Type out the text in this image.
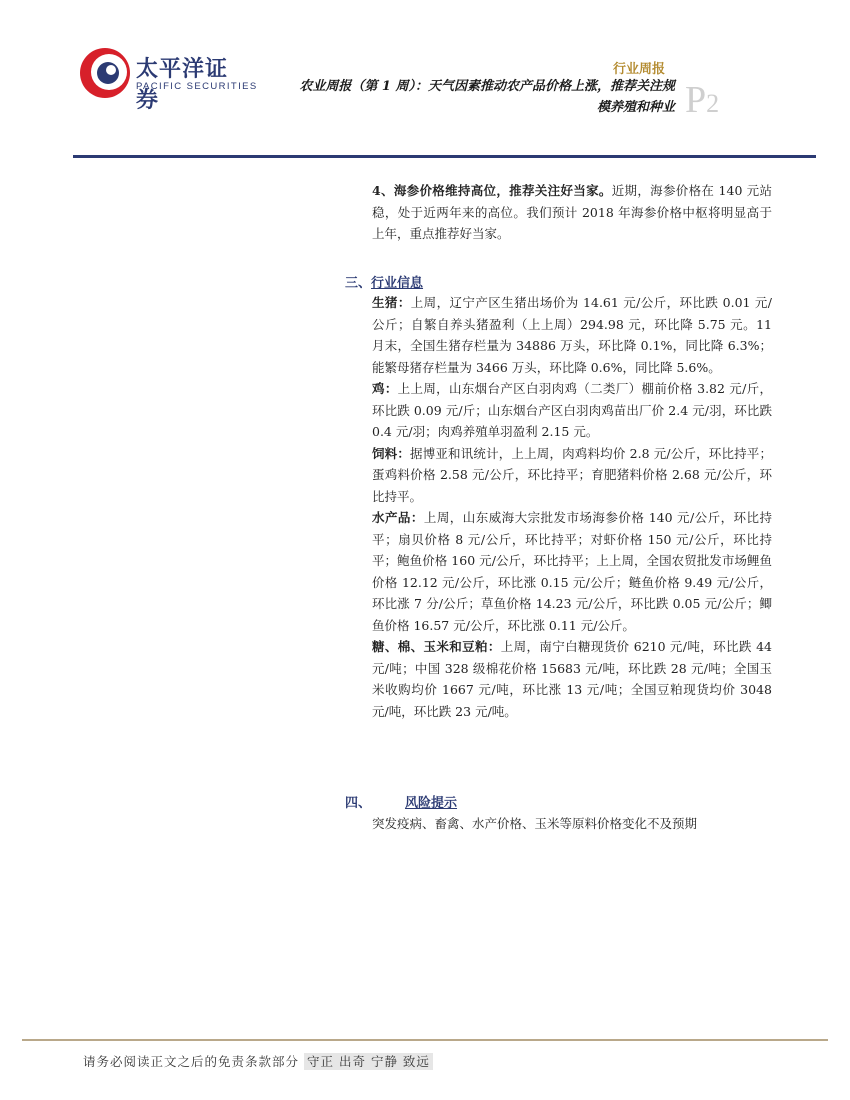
太平洋证券
PACIFIC SECURITIES
行业周报
农业周报（第 1 周）：天气因素推动农产品价格上涨，推荐关注规
模养殖和种业 P2

4、海参价格维持高位，推荐关注好当家。近期，海参价格在 140 元站稳，处于近两年来的高位。我们预计 2018 年海参价格中枢将明显高于上年，重点推荐好当家。

三、行业信息

生猪：上周，辽宁产区生猪出场价为 14.61 元/公斤，环比跌 0.01 元/公斤；自繁自养头猪盈利（上上周）294.98 元，环比降 5.75 元。11 月末，全国生猪存栏量为 34886 万头，环比降 0.1%，同比降 6.3%；能繁母猪存栏量为 3466 万头，环比降 0.6%，同比降 5.6%。

鸡：上上周，山东烟台产区白羽肉鸡（二类厂）棚前价格 3.82 元/斤，环比跌 0.09 元/斤；山东烟台产区白羽肉鸡苗出厂价 2.4 元/羽，环比跌 0.4 元/羽；肉鸡养殖单羽盈利 2.15 元。

饲料：据博亚和讯统计，上上周，肉鸡料均价 2.8 元/公斤，环比持平；蛋鸡料价格 2.58 元/公斤，环比持平；育肥猪料价格 2.68 元/公斤，环比持平。

水产品：上周，山东威海大宗批发市场海参价格 140 元/公斤，环比持平；扇贝价格 8 元/公斤，环比持平；对虾价格 150 元/公斤，环比持平；鲍鱼价格 160 元/公斤，环比持平；上上周，全国农贸批发市场鲤鱼价格 12.12 元/公斤，环比涨 0.15 元/公斤；鲢鱼价格 9.49 元/公斤，环比涨 7 分/公斤；草鱼价格 14.23 元/公斤，环比跌 0.05 元/公斤；鲫鱼价格 16.57 元/公斤，环比涨 0.11 元/公斤。

糖、棉、玉米和豆粕：上周，南宁白糖现货价 6210 元/吨，环比跌 44 元/吨；中国 328 级棉花价格 15683 元/吨，环比跌 28 元/吨；全国玉米收购均价 1667 元/吨，环比涨 13 元/吨；全国豆粕现货均价 3048 元/吨，环比跌 23 元/吨。

四、	风险提示
突发疫病、畜禽、水产价格、玉米等原料价格变化不及预期
请务必阅读正文之后的免责条款部分 守正 出奇 宁静 致远
